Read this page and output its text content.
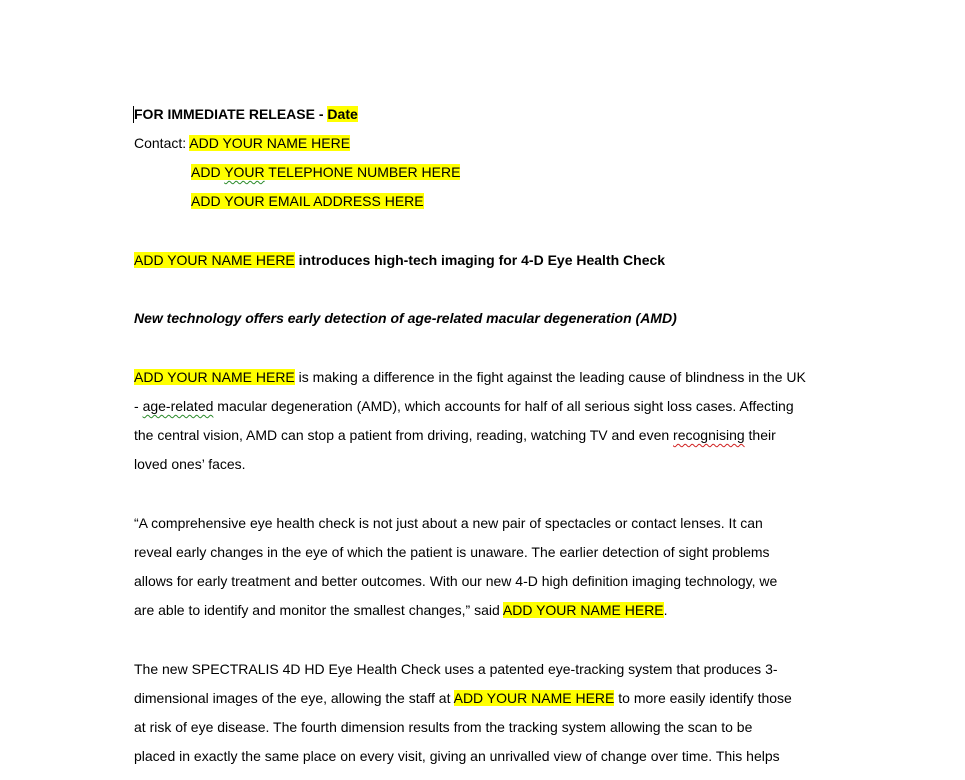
FOR IMMEDIATE RELEASE - Date
Contact: ADD YOUR NAME HERE
ADD YOUR TELEPHONE NUMBER HERE
ADD YOUR EMAIL ADDRESS HERE
ADD YOUR NAME HERE introduces high-tech imaging for 4-D Eye Health Check
New technology offers early detection of age-related macular degeneration (AMD)
ADD YOUR NAME HERE is making a difference in the fight against the leading cause of blindness in the UK
- age-related macular degeneration (AMD), which accounts for half of all serious sight loss cases. Affecting
the central vision, AMD can stop a patient from driving, reading, watching TV and even recognising their
loved ones’ faces.
“A comprehensive eye health check is not just about a new pair of spectacles or contact lenses. It can
reveal early changes in the eye of which the patient is unaware. The earlier detection of sight problems
allows for early treatment and better outcomes. With our new 4-D high definition imaging technology, we
are able to identify and monitor the smallest changes,” said ADD YOUR NAME HERE.
The new SPECTRALIS 4D HD Eye Health Check uses a patented eye-tracking system that produces 3-
dimensional images of the eye, allowing the staff at ADD YOUR NAME HERE to more easily identify those
at risk of eye disease. The fourth dimension results from the tracking system allowing the scan to be
placed in exactly the same place on every visit, giving an unrivalled view of change over time. This helps
